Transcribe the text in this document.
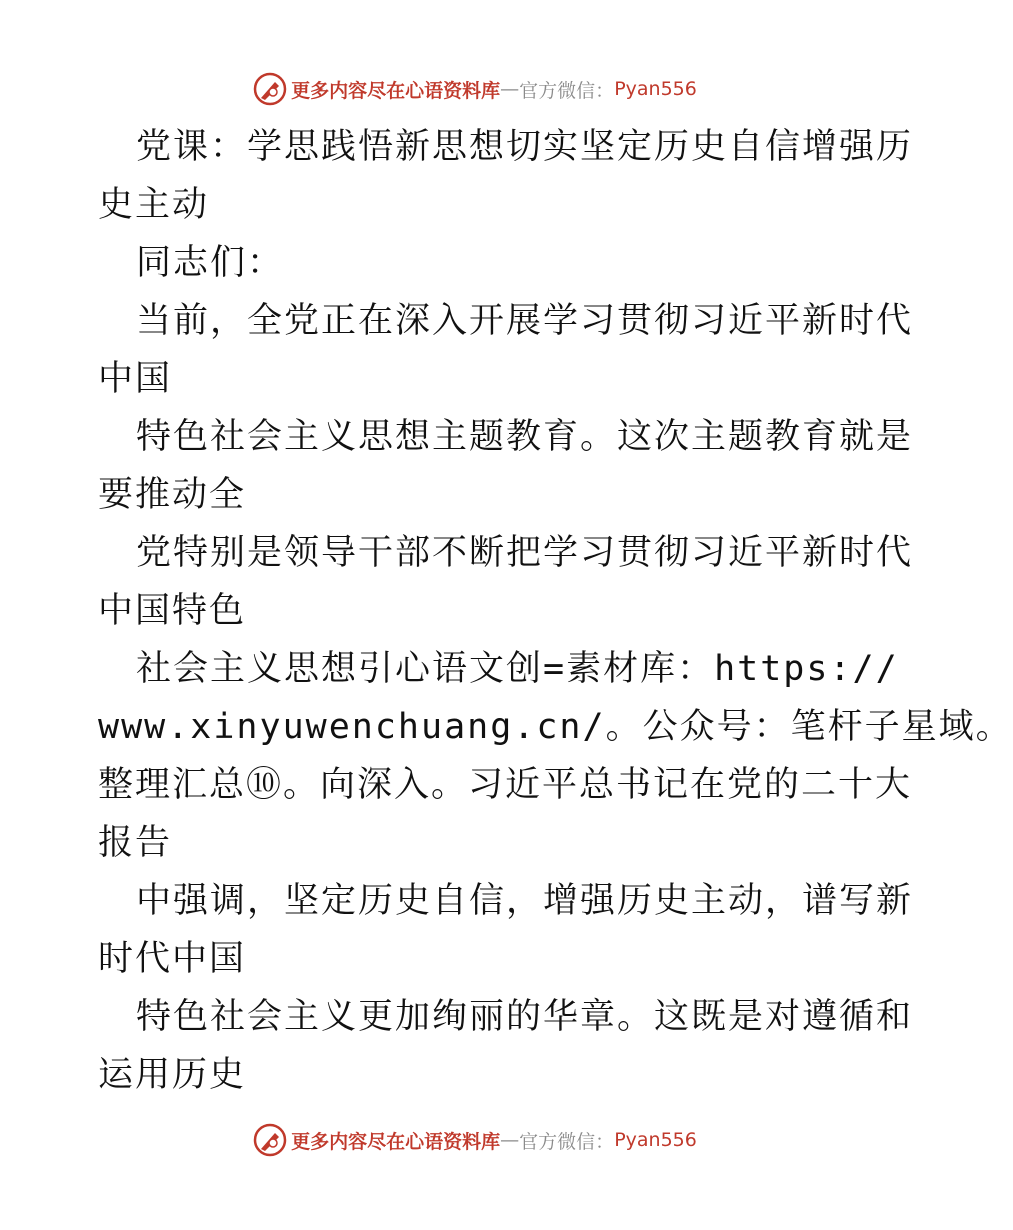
更多内容尽在心语资料库 — 官方微信： Pyan556
党课：学思践悟新思想切实坚定历史自信增强历
史主动
同志们：
当前，全党正在深入开展学习贯彻习近平新时代
中国
特色社会主义思想主题教育。这次主题教育就是
要推动全
党特别是领导干部不断把学习贯彻习近平新时代
中国特色
社会主义思想引心语文创=素材库：https://
www.xinyuwenchuang.cn/。公众号：笔杆子星域。
整理汇总⑩。向深入。习近平总书记在党的二十大
报告
中强调，坚定历史自信，增强历史主动，谱写新
时代中国
特色社会主义更加绚丽的华章。这既是对遵循和
运用历史
更多内容尽在心语资料库 — 官方微信： Pyan556
